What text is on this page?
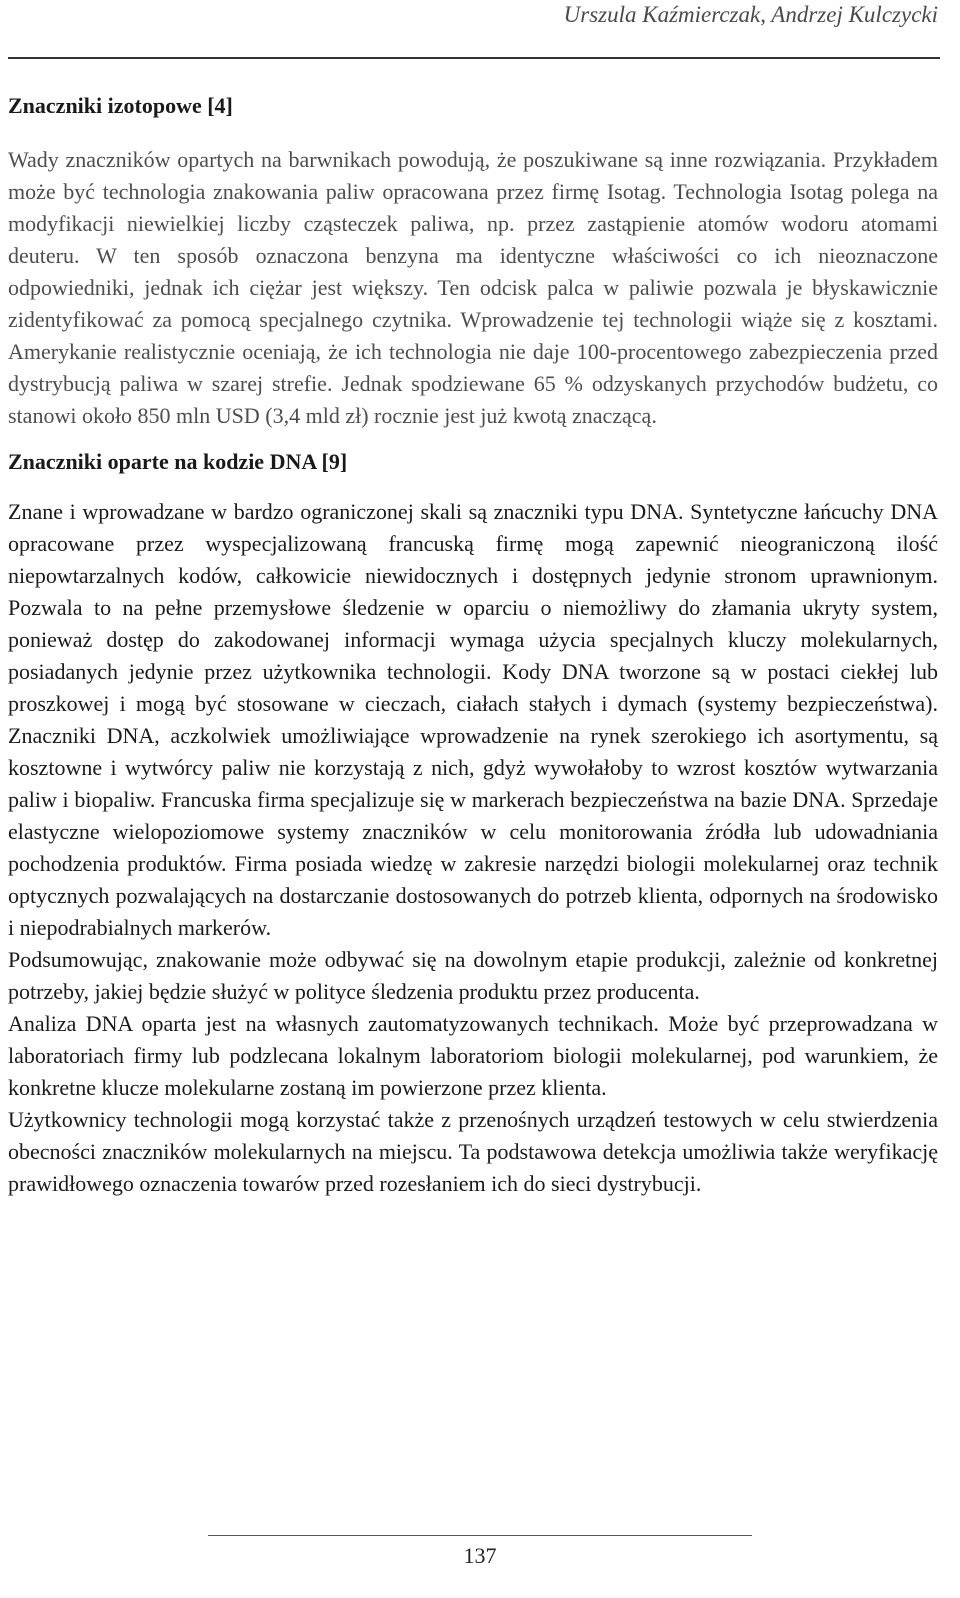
Urszula Kaźmierczak, Andrzej Kulczycki
Znaczniki izotopowe [4]

Wady znaczników opartych na barwnikach powodują, że poszukiwane są inne rozwiązania. Przykładem może być technologia znakowania paliw opracowana przez firmę Isotag. Technologia Isotag polega na modyfikacji niewielkiej liczby cząsteczek paliwa, np. przez zastąpienie atomów wodoru atomami deuteru. W ten sposób oznaczona benzyna ma identyczne właściwości co ich nieoznaczone odpowiedniki, jednak ich ciężar jest większy. Ten odcisk palca w paliwie pozwala je błyskawicznie zidentyfikować za pomocą specjalnego czytnika. Wprowadzenie tej technologii wiąże się z kosztami. Amerykanie realistycznie oceniają, że ich technologia nie daje 100-procentowego zabezpieczenia przed dystrybucją paliwa w szarej strefie. Jednak spodziewane 65 % odzyskanych przychodów budżetu, co stanowi około 850 mln USD (3,4 mld zł) rocznie jest już kwotą znaczącą.

Znaczniki oparte na kodzie DNA [9]

Znane i wprowadzane w bardzo ograniczonej skali są znaczniki typu DNA. Syntetyczne łańcuchy DNA opracowane przez wyspecjalizowaną francuską firmę mogą zapewnić nieograniczoną ilość niepowtarzalnych kodów, całkowicie niewidocznych i dostępnych jedynie stronom uprawnionym. Pozwala to na pełne przemysłowe śledzenie w oparciu o niemożliwy do złamania ukryty system, ponieważ dostęp do zakodowanej informacji wymaga użycia specjalnych kluczy molekularnych, posiadanych jedynie przez użytkownika technologii. Kody DNA tworzone są w postaci ciekłej lub proszkowej i mogą być stosowane w cieczach, ciałach stałych i dymach (systemy bezpieczeństwa). Znaczniki DNA, aczkolwiek umożliwiające wprowadzenie na rynek szerokiego ich asortymentu, są kosztowne i wytwórcy paliw nie korzystają z nich, gdyż wywołałoby to wzrost kosztów wytwarzania paliw i biopaliw. Francuska firma specjalizuje się w markerach bezpieczeństwa na bazie DNA. Sprzedaje elastyczne wielopoziomowe systemy znaczników w celu monitorowania źródła lub udowadniania pochodzenia produktów. Firma posiada wiedzę w zakresie narzędzi biologii molekularnej oraz technik optycznych pozwalających na dostarczanie dostosowanych do potrzeb klienta, odpornych na środowisko i niepodrabialnych markerów.

Podsumowując, znakowanie może odbywać się na dowolnym etapie produkcji, zależnie od konkretnej potrzeby, jakiej będzie służyć w polityce śledzenia produktu przez producenta.

Analiza DNA oparta jest na własnych zautomatyzowanych technikach. Może być przeprowadzana w laboratoriach firmy lub podzlecana lokalnym laboratoriom biologii molekularnej, pod warunkiem, że konkretne klucze molekularne zostaną im powierzone przez klienta.

Użytkownicy technologii mogą korzystać także z przenośnych urządzeń testowych w celu stwierdzenia obecności znaczników molekularnych na miejscu. Ta podstawowa detekcja umożliwia także weryfikację prawidłowego oznaczenia towarów przed rozesłaniem ich do sieci dystrybucji.

137
